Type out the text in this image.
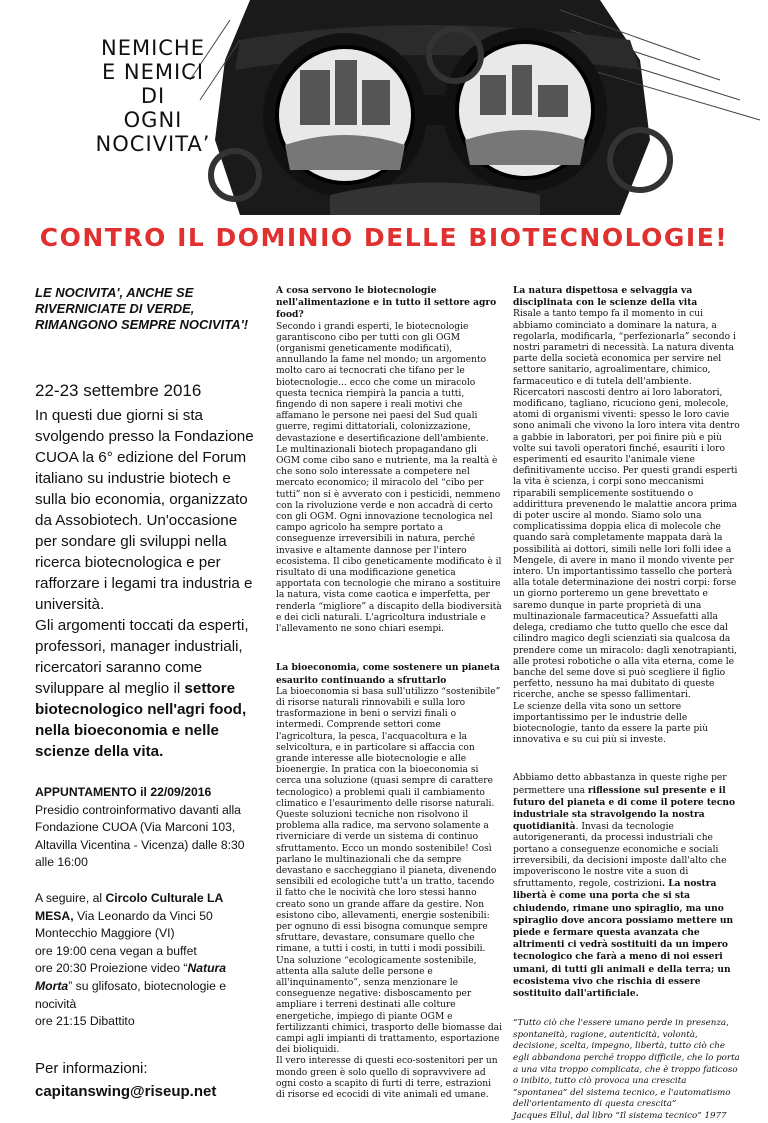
NEMICHE
E NEMICI
DI
OGNI
NOCIVITA’
CONTRO IL DOMINIO DELLE BIOTECNOLOGIE!

LE NOCIVITA', ANCHE SE RIVERNICIATE DI VERDE, RIMANGONO SEMPRE NOCIVITA'!

22-23 settembre 2016

In questi due giorni si sta svolgendo presso la Fondazione CUOA la 6° edizione del Forum italiano su industrie biotech e sulla bio economia, organizzato da Assobiotech. Un'occasione per sondare gli sviluppi nella ricerca biotecnologica e per rafforzare i legami tra industria e università.
Gli argomenti toccati da esperti, professori, manager industriali, ricercatori saranno come sviluppare al meglio il settore biotecnologico nell'agri food, nella bioeconomia e nelle scienze della vita.

APPUNTAMENTO il 22/09/2016
Presidio controinformativo davanti alla Fondazione CUOA (Via Marconi 103, Altavilla Vicentina - Vicenza) dalle 8:30 alle 16:00

A seguire, al Circolo Culturale LA MESA, Via Leonardo da Vinci 50 Montecchio Maggiore (VI)
ore 19:00 cena vegan a buffet
ore 20:30 Proiezione video “Natura Morta” su glifosato, biotecnologie e nocività
ore 21:15 Dibattito

Per informazioni:
capitanswing@riseup.net

A cosa servono le biotecnologie nell'alimentazione e in tutto il settore agro food?

Secondo i grandi esperti, le biotecnologie garantiscono cibo per tutti con gli OGM (organismi geneticamente modificati), annullando la fame nel mondo; un argomento molto caro ai tecnocrati che tifano per le biotecnologie... ecco che come un miracolo questa tecnica riempirà la pancia a tutti, fingendo di non sapere i reali motivi che affamano le persone nei paesi del Sud quali guerre, regimi dittatoriali, colonizzazione, devastazione e desertificazione dell'ambiente. Le multinazionali biotech propagandano gli OGM come cibo sano e nutriente, ma la realtà è che sono solo interessate a competere nel mercato economico; il miracolo del “cibo per tutti” non si è avverato con i pesticidi, nemmeno con la rivoluzione verde e non accadrà di certo con gli OGM. Ogni innovazione tecnologica nel campo agricolo ha sempre portato a conseguenze irreversibili in natura, perché invasive e altamente dannose per l'intero ecosistema. Il cibo geneticamente modificato è il risultato di una modificazione genetica apportata con tecnologie che mirano a sostituire la natura, vista come caotica e imperfetta, per renderla “migliore” a discapito della biodiversità e dei cicli naturali. L'agricoltura industriale e l'allevamento ne sono chiari esempi.

La bioeconomia, come sostenere un pianeta esaurito continuando a sfruttarlo

La bioeconomia si basa sull'utilizzo “sostenibile” di risorse naturali rinnovabili e sulla loro trasformazione in beni o servizi finali o intermedi. Comprende settori come l'agricoltura, la pesca, l'acquacoltura e la selvicoltura, e in particolare si affaccia con grande interesse alle biotecnologie e alle bioenergie. In pratica con la bioeconomia si cerca una soluzione (quasi sempre di carattere tecnologico) a problemi quali il cambiamento climatico e l'esaurimento delle risorse naturali. Queste soluzioni tecniche non risolvono il problema alla radice, ma servono solamente a riverniciare di verde un sistema di continuo sfruttamento. Ecco un mondo sostenibile! Così parlano le multinazionali che da sempre devastano e saccheggiano il pianeta, divenendo sensibili ed ecologiche tutt'a un tratto, tacendo il fatto che le nocività che loro stessi hanno creato sono un grande affare da gestire. Non esistono cibo, allevamenti, energie sostenibili: per ognuno di essi bisogna comunque sempre sfruttare, devastare, consumare quello che rimane, a tutti i costi, in tutti i modi possibili.

Una soluzione “ecologicamente sostenibile, attenta alla salute delle persone e all'inquinamento”, senza menzionare le conseguenze negative: disboscamento per ampliare i terreni destinati alle colture energetiche, impiego di piante OGM e fertilizzanti chimici, trasporto delle biomasse dai campi agli impianti di trattamento, esportazione dei bioliquidi.

Il vero interesse di questi eco-sostenitori per un mondo green è solo quello di sopravvivere ad ogni costo a scapito di furti di terre, estrazioni di risorse ed ecocidi di vite animali ed umane.

La natura dispettosa e selvaggia va disciplinata con le scienze della vita

Risale a tanto tempo fa il momento in cui abbiamo cominciato a dominare la natura, a regolarla, modificarla, “perfezionarla” secondo i nostri parametri di necessità. La natura diventa parte della società economica per servire nel settore sanitario, agroalimentare, chimico, farmaceutico e di tutela dell'ambiente. Ricercatori nascosti dentro ai loro laboratori, modificano, tagliano, ricucionо geni, molecole, atomi di organismi viventi: spesso le loro cavie sono animali che vivono la loro intera vita dentro a gabbie in laboratori, per poi finire più e più volte sui tavoli operatori finché, esauriti i loro esperimenti ed esaurito l'animale viene definitivamente ucciso. Per questi grandi esperti la vita è scienza, i corpi sono meccanismi riparabili semplicemente sostituendo o addirittura prevenendo le malattie ancora prima di poter uscire al mondo. Siamo solo una complicatissima doppia elica di molecole che quando sarà completamente mappata darà la possibilità ai dottori, simili nelle lori folli idee a Mengele, di avere in mano il mondo vivente per intero. Un importantissimo tassello che porterà alla totale determinazione dei nostri corpi: forse un giorno porteremo un gene brevettato e saremo dunque in parte proprietà di una multinazionale farmaceutica? Assuefatti alla delega, crediamo che tutto quello che esce dal cilindro magico degli scienziati sia qualcosa da prendere come un miracolo: dagli xenotrapianti, alle protesi robotiche o alla vita eterna, come le banche del seme dove si può scegliere il figlio perfetto, nessuno ha mai dubitato di queste ricerche, anche se spesso fallimentari.

Le scienze della vita sono un settore importantissimo per le industrie delle biotecnologie, tanto da essere la parte più innovativa e su cui più si investe.

Abbiamo detto abbastanza in queste righe per permettere una riflessione sul presente e il futuro del pianeta e di come il potere tecno industriale sta stravolgendo la nostra quotidianità. Invasi da tecnologie autorigenerantі, da processi industriali che portano a conseguenze economiche e sociali irreversibili, da decisioni imposte dall'alto che impoveriscono le nostre vite a suon di sfruttamento, regole, costrizioni. La nostra libertà è come una porta che si sta chiudendo, rimane uno spiraglio, ma uno spiraglio dove ancora possiamo mettere un piede e fermare questa avanzata che altrimenti ci vedrà sostituiti da un impero tecnologico che farà a meno di noi esseri umani, di tutti gli animali e della terra; un ecosistema vivo che rischia di essere sostituito dall'artificiale.

“Tutto ciò che l'essere umano perde in presenza, spontaneità, ragione, autenticità, volontà, decisione, scelta, impegno, libertà, tutto ciò che egli abbandona perché troppo difficile, che lo porta a una vita troppo complicata, che è troppo faticoso o inibito, tutto ciò provoca una crescita “spontanea” del sistema tecnico, e l'automatismo dell'orientamento di questa crescita”
Jacques Ellul, dal libro “Il sistema tecnico” 1977
